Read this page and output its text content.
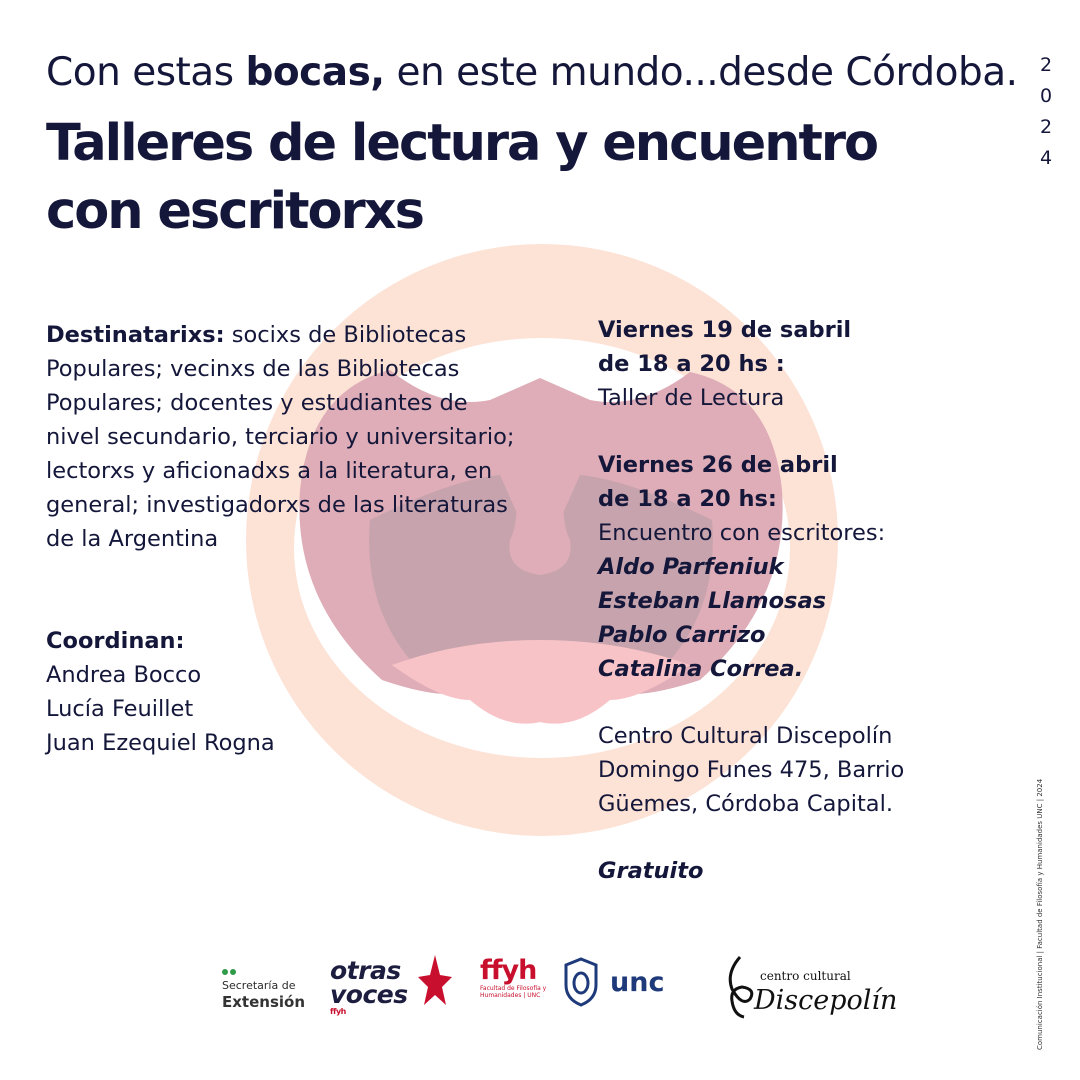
Con estas bocas, en este mundo...desde Córdoba.
Talleres de lectura y encuentro con escritorxs
2
0
2
4
Destinatarixs: socixs de Bibliotecas Populares; vecinxs de las Bibliotecas Populares; docentes y estudiantes de nivel secundario, terciario y universitario; lectorxs y aficionadxs a la literatura, en general; investigadorxs de las literaturas de la Argentina
Coordinan:
Andrea Bocco
Lucía Feuillet
Juan Ezequiel Rogna
Viernes 19 de sabril
de 18 a 20 hs :
Taller de Lectura
Viernes 26 de abril
de 18 a 20 hs:
Encuentro con escritores:
Aldo Parfeniuk
Esteban Llamosas
Pablo Carrizo
Catalina Correa.
Centro Cultural Discepolín
Domingo Funes 475, Barrio
Güemes, Córdoba Capital.
Gratuito
Secretaría de
Extensión
otras
voces
ffyh
ffyh
Facultad de Filosofía y Humanidades | UNC	unc	centro cultural
Discepolín	Comunicación Institucional | Facultad de Filosofía y Humanidades UNC | 2024
